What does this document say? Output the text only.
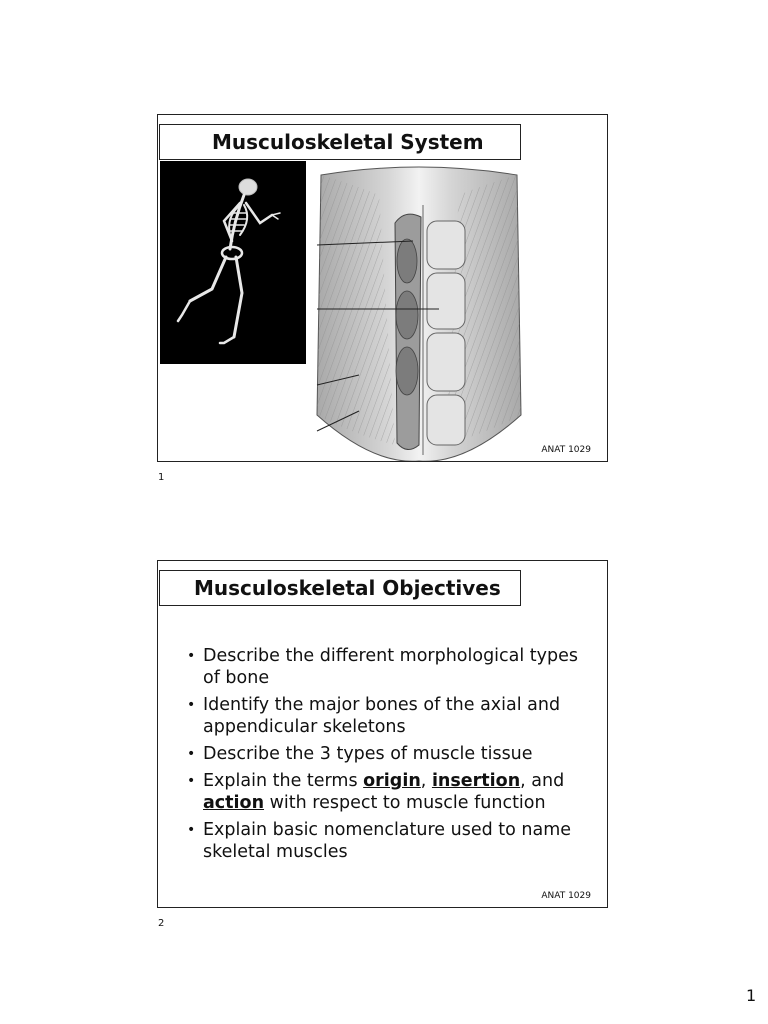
Musculoskeletal System
ANAT 1029
1
Musculoskeletal Objectives
• Describe the different morphological types of bone
• Identify the major bones of the axial and appendicular skeletons
• Describe the 3 types of muscle tissue
• Explain the terms origin, insertion, and action with respect to muscle function
• Explain basic nomenclature used to name skeletal muscles
ANAT 1029
2
1
